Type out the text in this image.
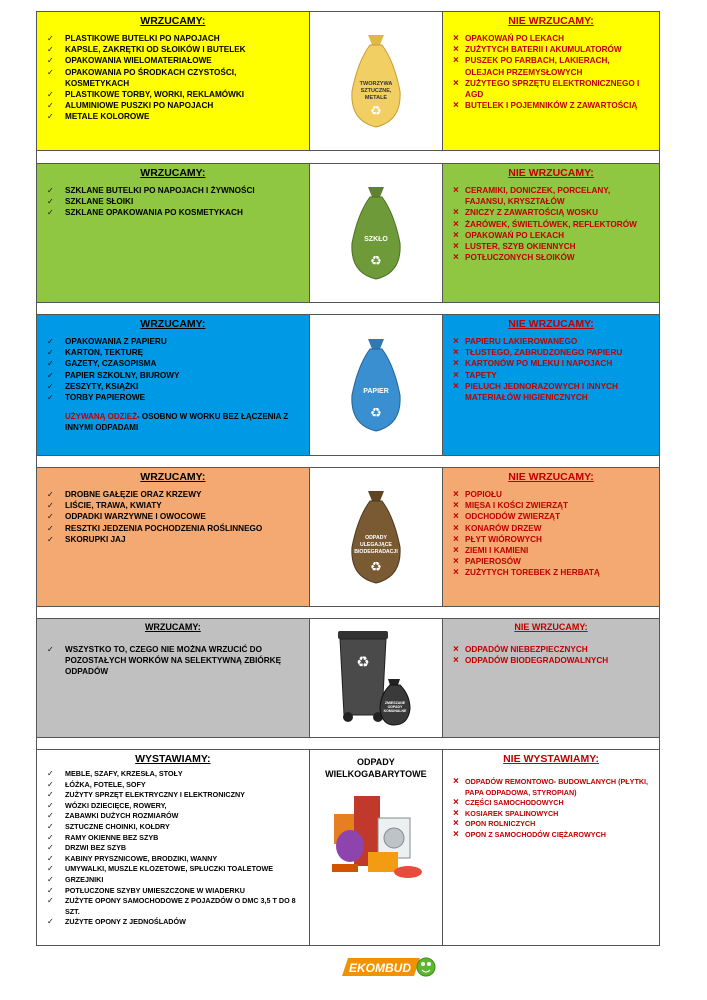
WRZUCAMY:
✓ PLASTIKOWE BUTELKI PO NAPOJACH
✓ KAPSLE, ZAKRĘTKI OD SŁOIKÓW I BUTELEK
✓ OPAKOWANIA WIELOMATERIAŁOWE
✓ OPAKOWANIA PO ŚRODKACH CZYSTOŚCI, KOSMETYKACH
✓ PLASTIKOWE TORBY, WORKI, REKLAMÓWKI
✓ ALUMINIOWE PUSZKI PO NAPOJACH
✓ METALE KOLOROWE
TWORZYWA
SZTUCZNE,
METALE
♻
NIE WRZUCAMY:
× OPAKOWAŃ PO LEKACH
× ZUŻYTYCH BATERII I AKUMULATORÓW
× PUSZEK PO FARBACH, LAKIERACH, OLEJACH PRZEMYSŁOWYCH
× ZUŻYTEGO SPRZĘTU ELEKTRONICZNEGO I AGD
× BUTELEK I POJEMNIKÓW Z ZAWARTOŚCIĄ
WRZUCAMY:
✓ SZKLANE BUTELKI PO NAPOJACH I ŻYWNOŚCI
✓ SZKLANE SŁOIKI
✓ SZKLANE OPAKOWANIA PO KOSMETYKACH
SZKŁO
♻
NIE WRZUCAMY:
× CERAMIKI, DONICZEK, PORCELANY, FAJANSU, KRYSZTAŁÓW
× ZNICZY Z ZAWARTOŚCIĄ WOSKU
× ŻARÓWEK, ŚWIETLÓWEK, REFLEKTORÓW
× OPAKOWAŃ PO LEKACH
× LUSTER, SZYB OKIENNYCH
× POTŁUCZONYCH SŁOIKÓW
WRZUCAMY:
✓ OPAKOWANIA Z PAPIERU
✓ KARTON, TEKTURĘ
✓ GAZETY, CZASOPISMA
✓ PAPIER SZKOLNY, BIUROWY
✓ ZESZYTY, KSIĄŻKI
✓ TORBY PAPIEROWE
UŻYWANĄ ODZIEŻ- OSOBNO W WORKU BEZ ŁĄCZENIA Z INNYMI ODPADAMI
PAPIER
♻
NIE WRZUCAMY:
× PAPIERU LAKIEROWANEGO
× TŁUSTEGO, ZABRUDZONEGO PAPIERU
× KARTONÓW PO MLEKU I NAPOJACH
× TAPETY
× PIELUCH JEDNORAZOWYCH I INNYCH MATERIAŁÓW HIGIENICZNYCH
WRZUCAMY:
✓ DROBNE GAŁĘZIE ORAZ KRZEWY
✓ LIŚCIE, TRAWA, KWIATY
✓ ODPADKI WARZYWNE I OWOCOWE
✓ RESZTKI JEDZENIA POCHODZENIA ROŚLINNEGO
✓ SKORUPKI JAJ	ODPADY
ULEGAJĄCE
BIODEGRADACJI
♻
NIE WRZUCAMY:
× POPIOŁU
× MIĘSA I KOŚCI ZWIERZĄT
× ODCHODÓW ZWIERZĄT
× KONARÓW DRZEW
× PŁYT WIÓROWYCH
× ZIEMI I KAMIENI
× PAPIEROSÓW
× ZUŻYTYCH TOREBEK Z HERBATĄ
WRZUCAMY:
✓ WSZYSTKO TO, CZEGO NIE MOŻNA WRZUCIĆ DO POZOSTAŁYCH WORKÓW NA SELEKTYWNĄ ZBIÓRKĘ ODPADÓW
♻
ZMIESZANE
ODPADY
KOMUNALNE
NIE WRZUCAMY:
× ODPADÓW NIEBEZPIECZNYCH
× ODPADÓW BIODEGRADOWALNYCH
WYSTAWIAMY:
✓ MEBLE, SZAFY, KRZESŁA, STOŁY
✓ ŁÓŻKA, FOTELE, SOFY
✓ ZUŻYTY SPRZĘT ELEKTRYCZNY I ELEKTRONICZNY
✓ WÓZKI DZIECIĘCE, ROWERY,
✓ ZABAWKI DUŻYCH ROZMIARÓW
✓ SZTUCZNE CHOINKI, KOŁDRY
✓ RAMY OKIENNE BEZ SZYB
✓ DRZWI BEZ SZYB
✓ KABINY PRYSZNICOWE, BRODZIKI, WANNY
✓ UMYWALKI, MUSZLE KLOZETOWE, SPŁUCZKI TOALETOWE
✓ GRZEJNIKI
✓ POTŁUCZONE SZYBY UMIESZCZONE W WIADERKU
✓ ZUŻYTE OPONY SAMOCHODOWE Z POJAZDÓW O DMC 3,5 T DO 8 SZT.
✓ ZUŻYTE OPONY Z JEDNOŚLADÓW
ODPADY
WIELKOGABARYTOWE
NIE WYSTAWIAMY:
× ODPADÓW REMONTOWO- BUDOWLANYCH (PŁYTKI, PAPA ODPADOWA, STYROPIAN)
× CZĘŚCI SAMOCHODOWYCH
× KOSIAREK SPALINOWYCH
× OPON ROLNICZYCH
× OPON Z SAMOCHODÓW CIĘŻAROWYCH
EKOMBUD
